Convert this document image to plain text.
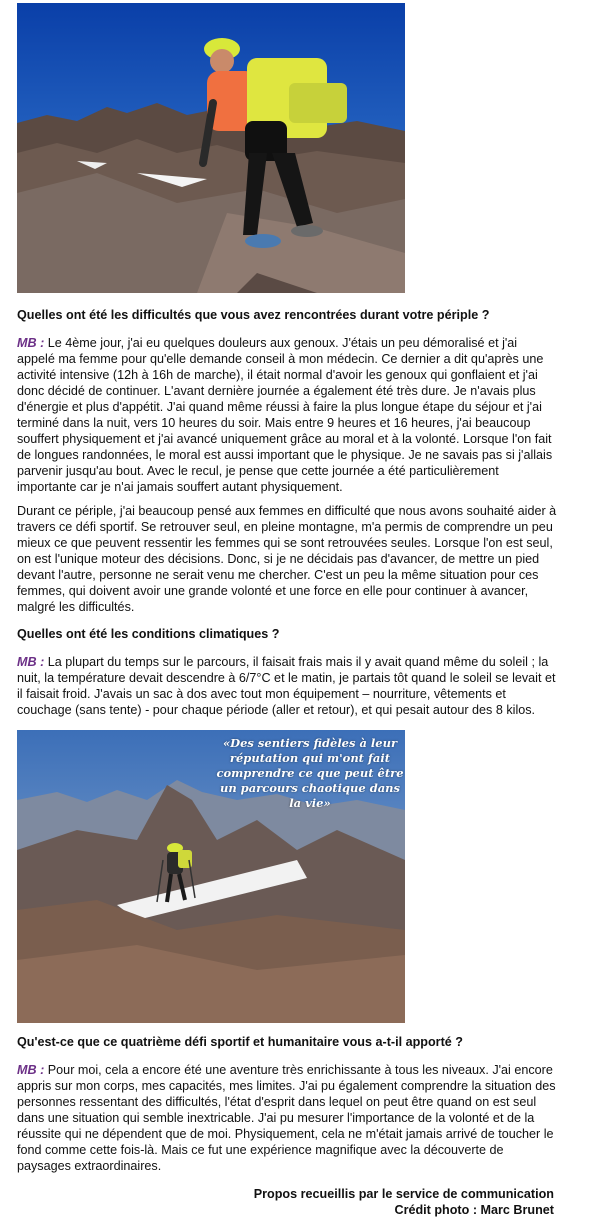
Quelles ont été les difficultés que vous avez rencontrées durant votre périple ?

MB : Le 4ème jour, j'ai eu quelques douleurs aux genoux. J'étais un peu démoralisé et j'ai appelé ma femme pour qu'elle demande conseil à mon médecin. Ce dernier a dit qu'après une activité intensive (12h à 16h de marche), il était normal d'avoir les genoux qui gonflaient et j'ai donc décidé de continuer. L'avant dernière journée a également été très dure. Je n'avais plus d'énergie et plus d'appétit. J'ai quand même réussi à faire la plus longue étape du séjour et j'ai terminé dans la nuit, vers 10 heures du soir. Mais entre 9 heures et 16 heures, j'ai beaucoup souffert physiquement et j'ai avancé uniquement grâce au moral et à la volonté. Lorsque l'on fait de longues randonnées, le moral est aussi important que le physique. Je ne savais pas si j'allais parvenir jusqu'au bout. Avec le recul, je pense que cette journée a été particulièrement importante car je n'ai jamais souffert autant physiquement.

Durant ce périple, j'ai beaucoup pensé aux femmes en difficulté que nous avons souhaité aider à travers ce défi sportif. Se retrouver seul, en pleine montagne, m'a permis de comprendre un peu mieux ce que peuvent ressentir les femmes qui se sont retrouvées seules. Lorsque l'on est seul, on est l'unique moteur des décisions. Donc, si je ne décidais pas d'avancer, de mettre un pied devant l'autre, personne ne serait venu me chercher. C'est un peu la même situation pour ces femmes, qui doivent avoir une grande volonté et une force en elle pour continuer à avancer, malgré les difficultés.

Quelles ont été les conditions climatiques ?

MB : La plupart du temps sur le parcours, il faisait frais mais il y avait quand même du soleil ; la nuit, la température devait descendre à 6/7°C et le matin, je partais tôt quand le soleil se levait et il faisait froid. J'avais un sac à dos avec tout mon équipement – nourriture, vêtements et couchage (sans tente) - pour chaque période (aller et retour), et qui pesait autour des 8 kilos.

«Des sentiers fidèles à leur réputation qui m'ont fait comprendre ce que peut être un parcours chaotique dans la vie»
Qu'est-ce que ce quatrième défi sportif et humanitaire vous a-t-il apporté ?

MB : Pour moi, cela a encore été une aventure très enrichissante à tous les niveaux. J'ai encore appris sur mon corps, mes capacités, mes limites. J'ai pu également comprendre la situation des personnes ressentant des difficultés, l'état d'esprit dans lequel on peut être quand on est seul dans une situation qui semble inextricable. J'ai pu mesurer l'importance de la volonté et de la réussite qui ne dépendent que de moi. Physiquement, cela ne m'était jamais arrivé de toucher le fond comme cette fois-là. Mais ce fut une expérience magnifique avec la découverte de paysages extraordinaires.

Propos recueillis par le service de communication
Crédit photo : Marc Brunet
